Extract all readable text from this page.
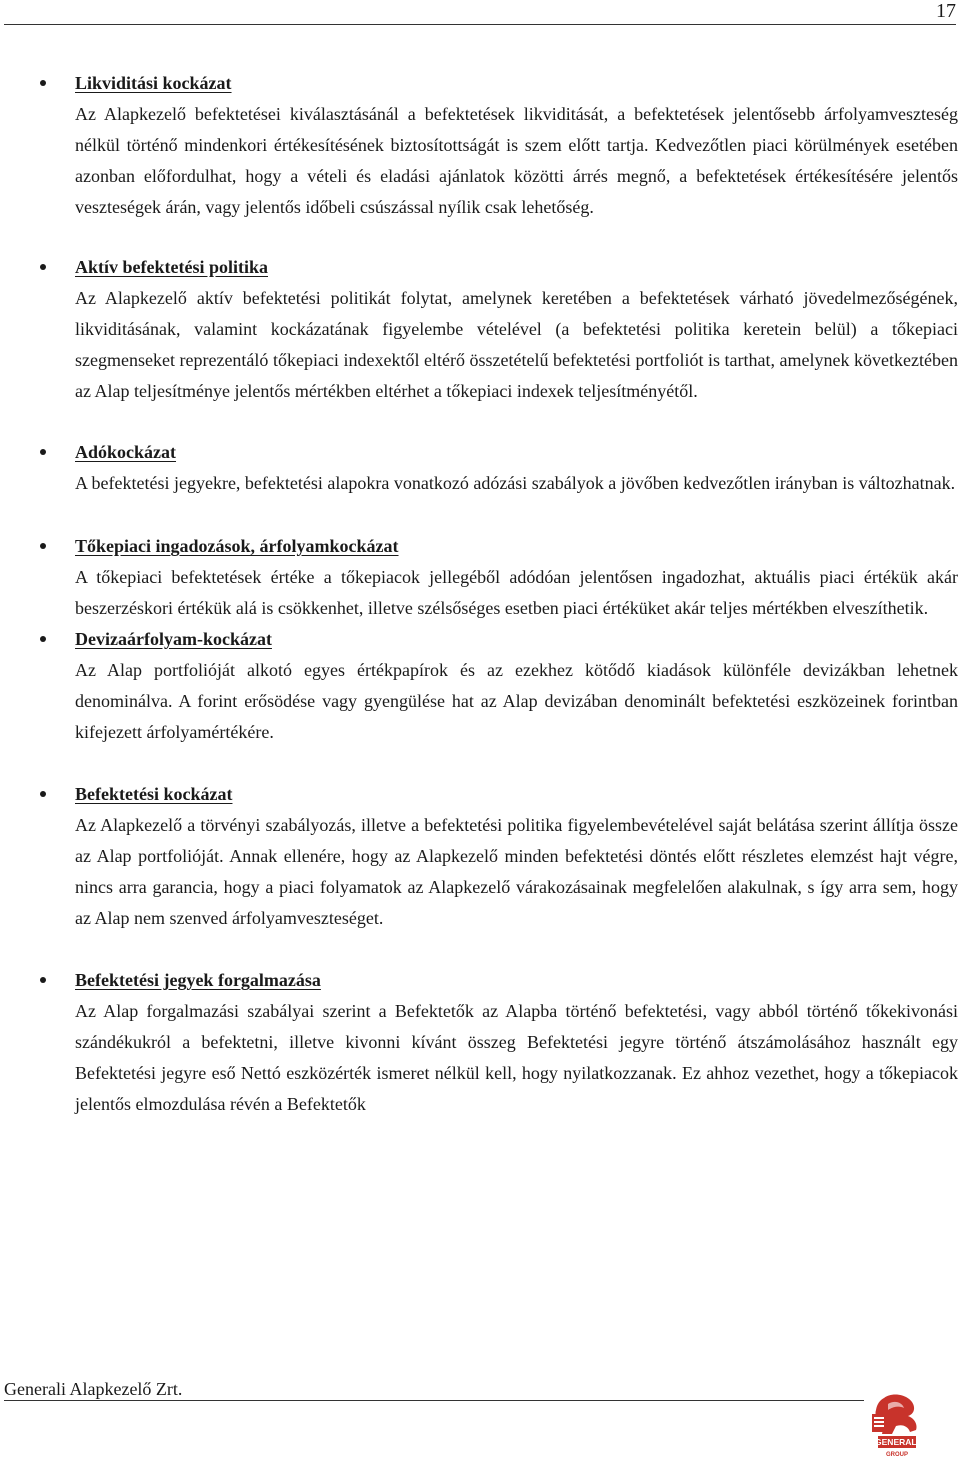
17
Likviditási kockázat

Az Alapkezelő befektetései kiválasztásánál a befektetések likviditását, a befektetések jelentősebb árfolyamveszteség nélkül történő mindenkori értékesítésének biztosítottságát is szem előtt tartja. Kedvezőtlen piaci körülmények esetében azonban előfordulhat, hogy a vételi és eladási ajánlatok közötti árrés megnő, a befektetések értékesítésére jelentős veszteségek árán, vagy jelentős időbeli csúszással nyílik csak lehetőség.

Aktív befektetési politika

Az Alapkezelő aktív befektetési politikát folytat, amelynek keretében a befektetések várható jövedelmezőségének, likviditásának, valamint kockázatának figyelembe vételével (a befektetési politika keretein belül) a tőkepiaci szegmenseket reprezentáló tőkepiaci indexektől eltérő összetételű befektetési portfoliót is tarthat, amelynek következtében az Alap teljesítménye jelentős mértékben eltérhet a tőkepiaci indexek teljesítményétől.

Adókockázat

A befektetési jegyekre, befektetési alapokra vonatkozó adózási szabályok a jövőben kedvezőtlen irányban is változhatnak.

Tőkepiaci ingadozások, árfolyamkockázat

A tőkepiaci befektetések értéke a tőkepiacok jellegéből adódóan jelentősen ingadozhat, aktuális piaci értékük akár beszerzéskori értékük alá is csökkenhet, illetve szélsőséges esetben piaci értéküket akár teljes mértékben elveszíthetik.

Devizaárfolyam-kockázat

Az Alap portfolióját alkotó egyes értékpapírok és az ezekhez kötődő kiadások különféle devizákban lehetnek denominálva. A forint erősödése vagy gyengülése hat az Alap devizában denominált befektetési eszközeinek forintban kifejezett árfolyamértékére.

Befektetési kockázat

Az Alapkezelő a törvényi szabályozás, illetve a befektetési politika figyelembevételével saját belátása szerint állítja össze az Alap portfolióját. Annak ellenére, hogy az Alapkezelő minden befektetési döntés előtt részletes elemzést hajt végre, nincs arra garancia, hogy a piaci folyamatok az Alapkezelő várakozásainak megfelelően alakulnak, s így arra sem, hogy az Alap nem szenved árfolyamveszteséget.

Befektetési jegyek forgalmazása

Az Alap forgalmazási szabályai szerint a Befektetők az Alapba történő befektetési, vagy abból történő tőkekivonási szándékukról a befektetni, illetve kivonni kívánt összeg Befektetési jegyre történő átszámolásához használt egy Befektetési jegyre eső Nettó eszközérték ismeret nélkül kell, hogy nyilatkozzanak. Ez ahhoz vezethet, hogy a tőkepiacok jelentős elmozdulása révén a Befektetők

Generali Alapkezelő Zrt.
GENERALI
GROUP
